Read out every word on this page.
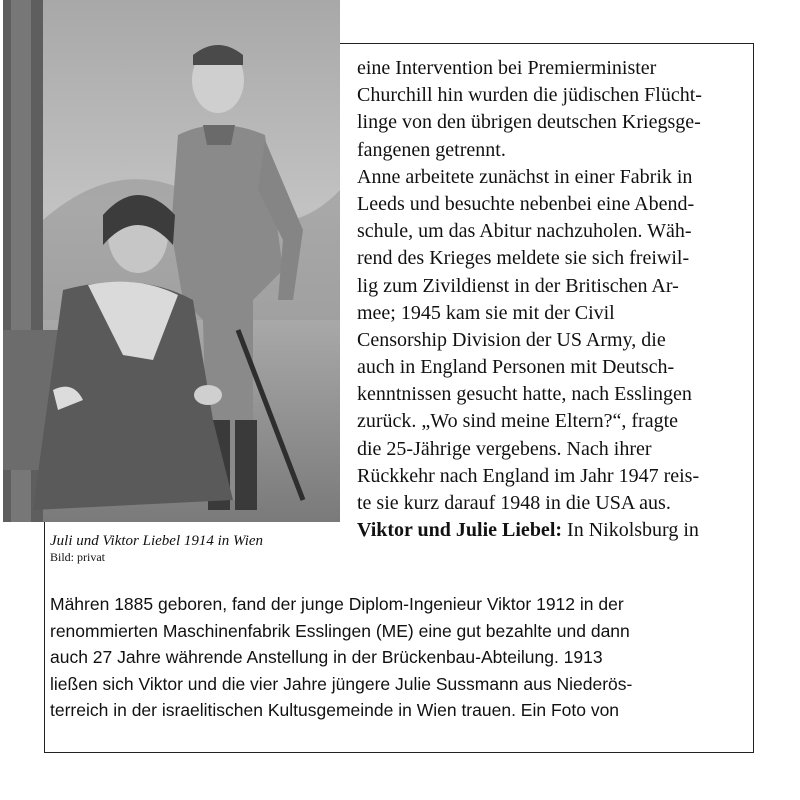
Juli und Viktor Liebel 1914 in Wien
Bild: privat
eine Intervention bei Premierminister
Churchill hin wurden die jüdischen Flücht-
linge von den übrigen deutschen Kriegsge-
fangenen getrennt.
Anne arbeitete zunächst in einer Fabrik in
Leeds und besuchte nebenbei eine Abend-
schule, um das Abitur nachzuholen. Wäh-
rend des Krieges meldete sie sich freiwil-
lig zum Zivildienst in der Britischen Ar-
mee; 1945 kam sie mit der Civil
Censorship Division der US Army, die
auch in England Personen mit Deutsch-
kenntnissen gesucht hatte, nach Esslingen
zurück. „Wo sind meine Eltern?“, fragte
die 25-Jährige vergebens. Nach ihrer
Rückkehr nach England im Jahr 1947 reis-
te sie kurz darauf 1948 in die USA aus.
Viktor und Julie Liebel: In Nikolsburg in
Mähren 1885 geboren, fand der junge Diplom-Ingenieur Viktor 1912 in der
renommierten Maschinenfabrik Esslingen (ME) eine gut bezahlte und dann
auch 27 Jahre währende Anstellung in der Brückenbau-Abteilung. 1913
ließen sich Viktor und die vier Jahre jüngere Julie Sussmann aus Niederös-
terreich in der israelitischen Kultusgemeinde in Wien trauen. Ein Foto von
